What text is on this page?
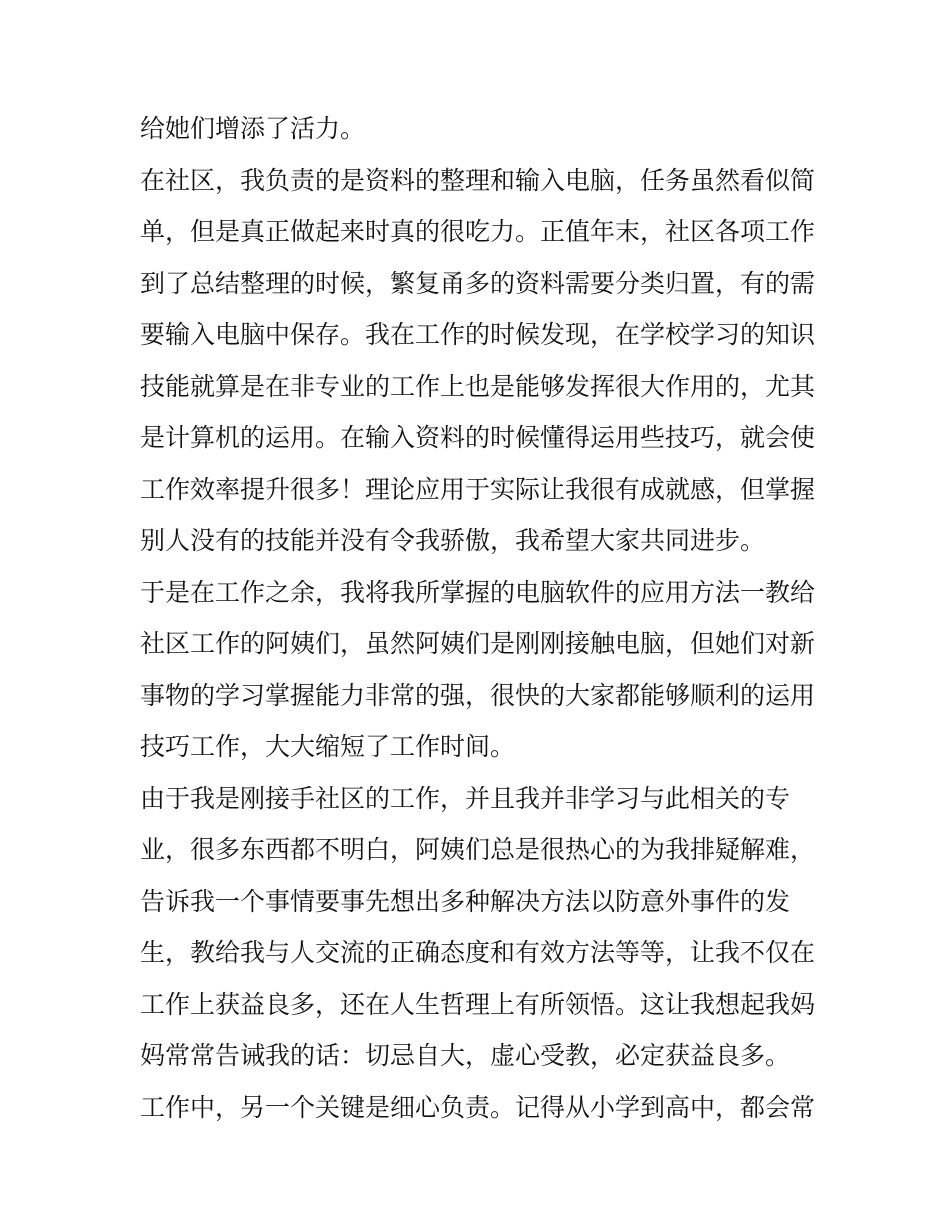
给她们增添了活力。
在社区，我负责的是资料的整理和输入电脑，任务虽然看似简
单，但是真正做起来时真的很吃力。正值年末，社区各项工作
到了总结整理的时候，繁复甬多的资料需要分类归置，有的需
要输入电脑中保存。我在工作的时候发现，在学校学习的知识
技能就算是在非专业的工作上也是能够发挥很大作用的，尤其
是计算机的运用。在输入资料的时候懂得运用些技巧，就会使
工作效率提升很多！理论应用于实际让我很有成就感，但掌握
别人没有的技能并没有令我骄傲，我希望大家共同进步。
于是在工作之余，我将我所掌握的电脑软件的应用方法一教给
社区工作的阿姨们，虽然阿姨们是刚刚接触电脑，但她们对新
事物的学习掌握能力非常的强，很快的大家都能够顺利的运用
技巧工作，大大缩短了工作时间。
由于我是刚接手社区的工作，并且我并非学习与此相关的专
业，很多东西都不明白，阿姨们总是很热心的为我排疑解难，
告诉我一个事情要事先想出多种解决方法以防意外事件的发
生，教给我与人交流的正确态度和有效方法等等，让我不仅在
工作上获益良多，还在人生哲理上有所领悟。这让我想起我妈
妈常常告诫我的话：切忌自大，虚心受教，必定获益良多。
工作中，另一个关键是细心负责。记得从小学到高中，都会常
